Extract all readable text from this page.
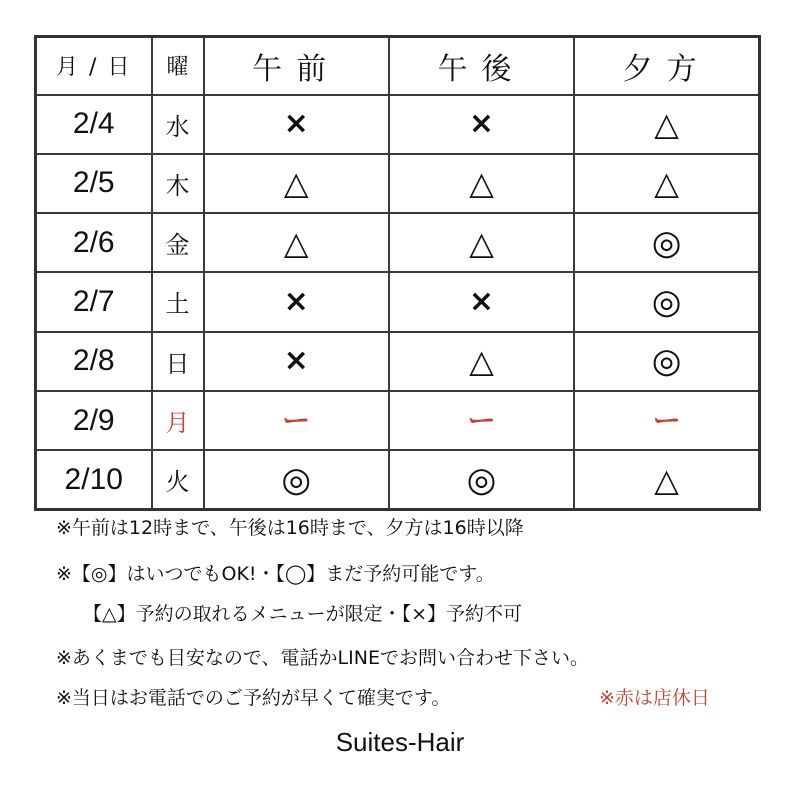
月 / 日	曜	午前	午後	夕方
2/4	水	×	×	△
2/5	木	△	△	△
2/6	金	△	△	◎
2/7	土	×	×	◎
2/8	日	×	△	◎
2/9	月	ー	ー	ー
2/10	火	◎	◎	△
※午前は12時まで、午後は16時まで、夕方は16時以降
※【◎】はいつでもOK!・【◯】まだ予約可能です。
【△】予約の取れるメニューが限定・【×】予約不可
※あくまでも目安なので、電話かLINEでお問い合わせ下さい。
※当日はお電話でのご予約が早くて確実です。	※赤は店休日
Suites-Hair
